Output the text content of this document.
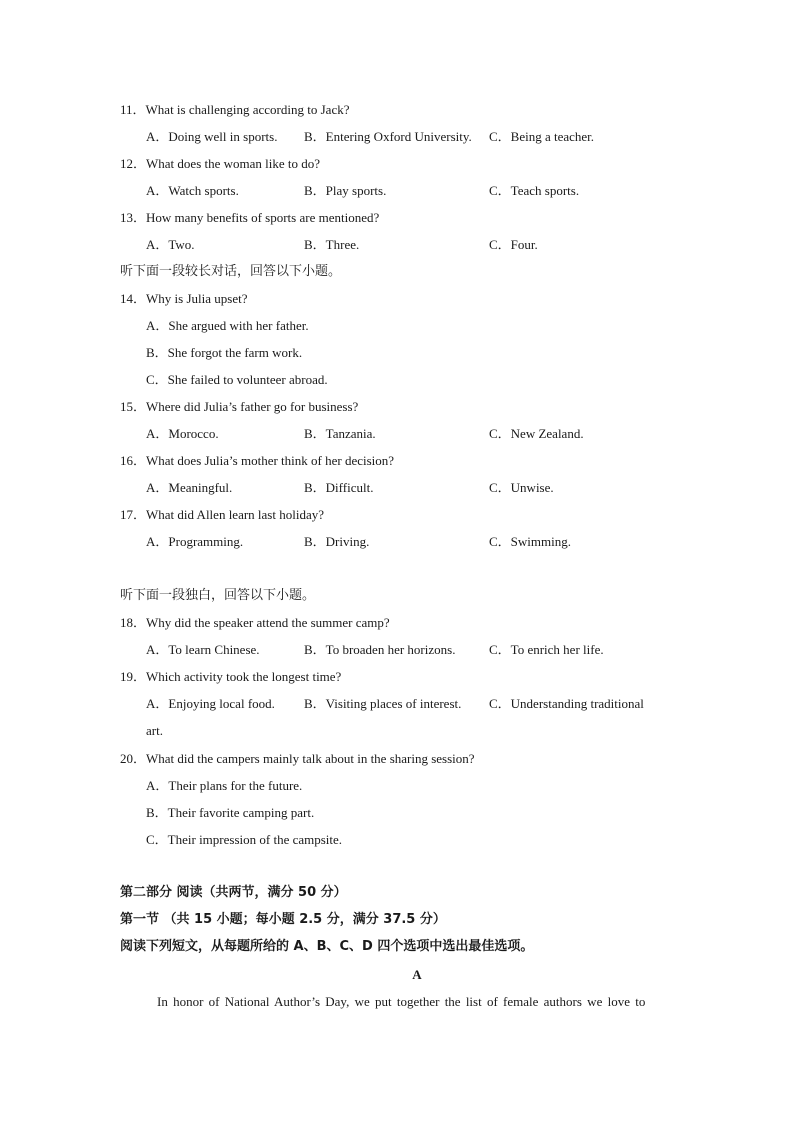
11．What is challenging according to Jack?
A．Doing well in sports. B．Entering Oxford University. C．Being a teacher.
12．What does the woman like to do?
A．Watch sports.	B．Play sports.	C．Teach sports.
13．How many benefits of sports are mentioned?
A．Two.	B．Three.	C．Four.
听下面一段较长对话，回答以下小题。
14．Why is Julia upset?
A．She argued with her father.
B．She forgot the farm work.
C．She failed to volunteer abroad.
15．Where did Julia’s father go for business?
A．Morocco.	B．Tanzania.	C．New Zealand.
16．What does Julia’s mother think of her decision?
A．Meaningful.	B．Difficult.	C．Unwise.
17．What did Allen learn last holiday?
A．Programming.	B．Driving.	C．Swimming.
听下面一段独白，回答以下小题。
18．Why did the speaker attend the summer camp?
A．To learn Chinese.	B．To broaden her horizons.	C．To enrich her life.
19．Which activity took the longest time?
A．Enjoying local food. B．Visiting places of interest. C．Understanding traditional
art.
20．What did the campers mainly talk about in the sharing session?
A．Their plans for the future.
B．Their favorite camping part.
C．Their impression of the campsite.
第二部分 阅读（共两节，满分 50 分）
第一节 （共 15 小题；每小题 2.5 分，满分 37.5 分）
阅读下列短文，从每题所给的 A、B、C、D 四个选项中选出最佳选项。
A
In honor of National Author’s Day, we put together the list of female authors we love to
